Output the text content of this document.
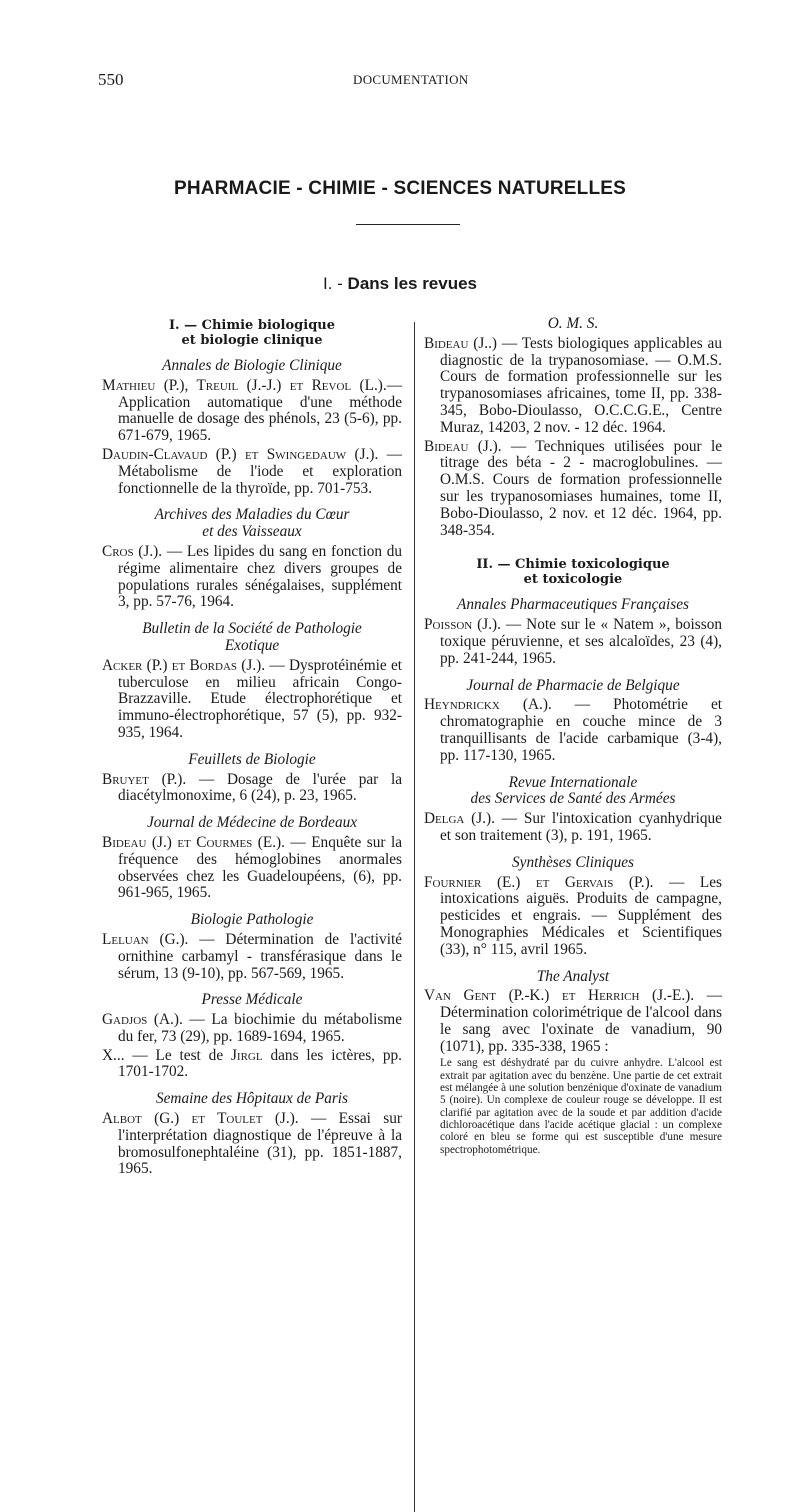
550	DOCUMENTATION
PHARMACIE - CHIMIE - SCIENCES NATURELLES
I. - Dans les revues
I. — Chimie biologique
et biologie clinique
Annales de Biologie Clinique
Mathieu (P.), Treuil (J.-J.) et Revol (L.).—Application automatique d'une méthode manuelle de dosage des phénols, 23 (5-6), pp. 671-679, 1965.
Daudin-Clavaud (P.) et Swingedauw (J.). — Métabolisme de l'iode et exploration fonctionnelle de la thyroïde, pp. 701-753.
Archives des Maladies du Cœur
et des Vaisseaux
Cros (J.). — Les lipides du sang en fonction du régime alimentaire chez divers groupes de populations rurales sénégalaises, supplément 3, pp. 57-76, 1964.
Bulletin de la Société de Pathologie
Exotique
Acker (P.) et Bordas (J.). — Dysprotéinémie et tuberculose en milieu africain Congo-Brazzaville. Etude électrophorétique et immuno-électrophorétique, 57 (5), pp. 932-935, 1964.
Feuillets de Biologie
Bruyet (P.). — Dosage de l'urée par la diacétylmonoxime, 6 (24), p. 23, 1965.
Journal de Médecine de Bordeaux
Bideau (J.) et Courmes (E.). — Enquête sur la fréquence des hémoglobines anormales observées chez les Guadeloupéens, (6), pp. 961-965, 1965.
Biologie Pathologie
Leluan (G.). — Détermination de l'activité ornithine carbamyl - transférasique dans le sérum, 13 (9-10), pp. 567-569, 1965.
Presse Médicale
Gadjos (A.). — La biochimie du métabolisme du fer, 73 (29), pp. 1689-1694, 1965.
X... — Le test de Jirgl dans les ictères, pp. 1701-1702.
Semaine des Hôpitaux de Paris
Albot (G.) et Toulet (J.). — Essai sur l'interprétation diagnostique de l'épreuve à la bromosulfonephtaléine (31), pp. 1851-1887, 1965.
O. M. S.
Bideau (J..) — Tests biologiques applicables au diagnostic de la trypanosomiase. — O.M.S. Cours de formation professionnelle sur les trypanosomiases africaines, tome II, pp. 338-345, Bobo-Dioulasso, O.C.C.G.E., Centre Muraz, 14203, 2 nov. - 12 déc. 1964.
Bideau (J.). — Techniques utilisées pour le titrage des béta - 2 - macroglobulines. — O.M.S. Cours de formation professionnelle sur les trypanosomiases humaines, tome II, Bobo-Dioulasso, 2 nov. et 12 déc. 1964, pp. 348-354.
II. — Chimie toxicologique
et toxicologie
Annales Pharmaceutiques Françaises
Poisson (J.). — Note sur le « Natem », boisson toxique péruvienne, et ses alcaloïdes, 23 (4), pp. 241-244, 1965.
Journal de Pharmacie de Belgique
Heyndrickx (A.). — Photométrie et chromatographie en couche mince de 3 tranquillisants de l'acide carbamique (3-4), pp. 117-130, 1965.
Revue Internationale
des Services de Santé des Armées
Delga (J.). — Sur l'intoxication cyanhydrique et son traitement (3), p. 191, 1965.
Synthèses Cliniques
Fournier (E.) et Gervais (P.). — Les intoxications aiguës. Produits de campagne, pesticides et engrais. — Supplément des Monographies Médicales et Scientifiques (33), n° 115, avril 1965.
The Analyst
Van Gent (P.-K.) et Herrich (J.-E.). — Détermination colorimétrique de l'alcool dans le sang avec l'oxinate de vanadium, 90 (1071), pp. 335-338, 1965 :
Le sang est déshydraté par du cuivre anhydre. L'alcool est extrait par agitation avec du benzène. Une partie de cet extrait est mélangée à une solution benzénique d'oxinate de vanadium 5 (noire). Un complexe de couleur rouge se développe. Il est clarifié par agitation avec de la soude et par addition d'acide dichloroacétique dans l'acide acétique glacial : un complexe coloré en bleu se forme qui est susceptible d'une mesure spectrophotométrique.
